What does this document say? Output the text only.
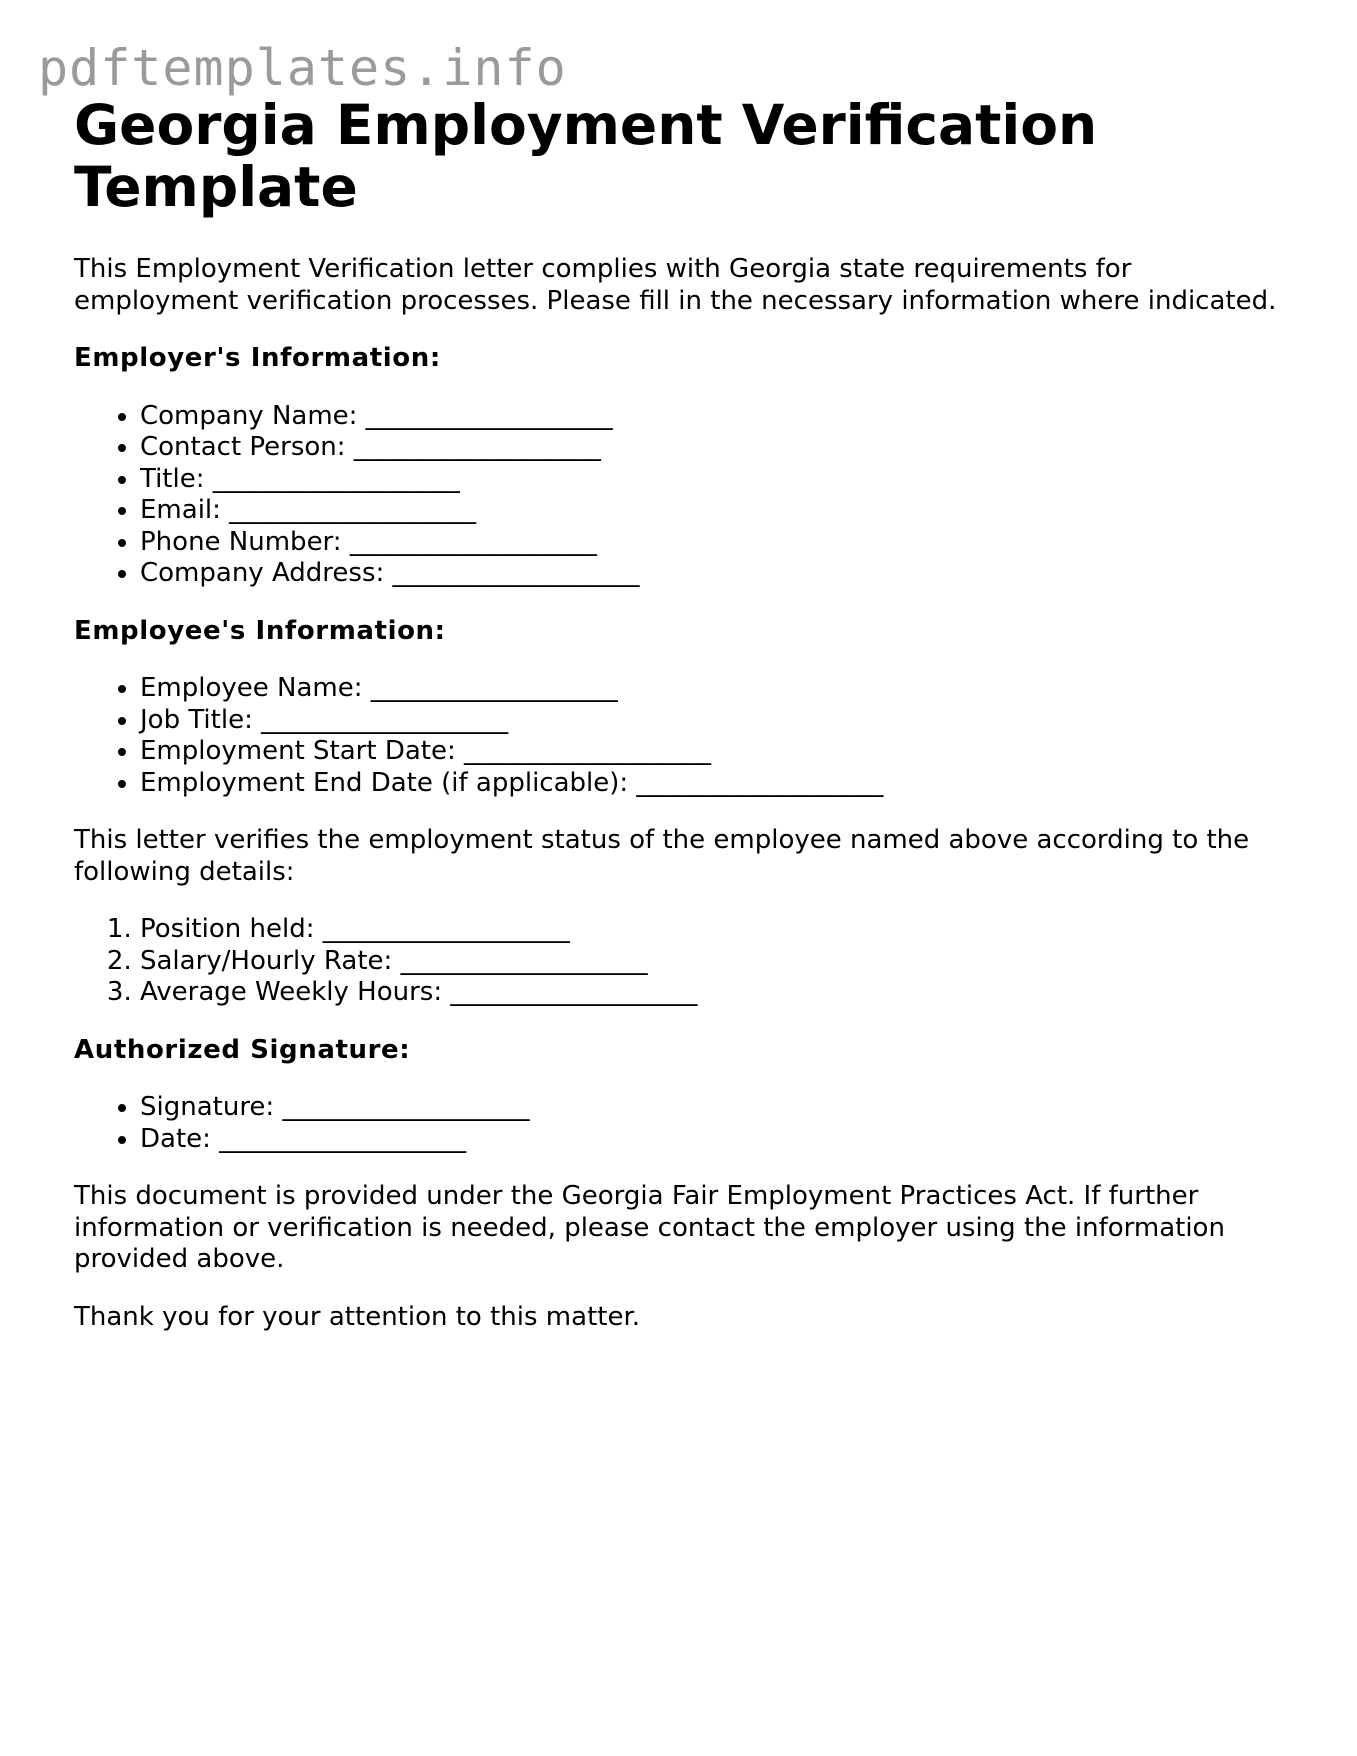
pdftemplates.info
Georgia Employment Verification Template

This Employment Verification letter complies with Georgia state requirements for employment verification processes. Please fill in the necessary information where indicated.

Employer's Information:
• Company Name: ___________________
• Contact Person: ___________________
• Title: ___________________
• Email: ___________________
• Phone Number: ___________________
• Company Address: ___________________
Employee's Information:
• Employee Name: ___________________
• Job Title: ___________________
• Employment Start Date: ___________________
• Employment End Date (if applicable): ___________________

This letter verifies the employment status of the employee named above according to the following details:

1. Position held: ___________________
2. Salary/Hourly Rate: ___________________
3. Average Weekly Hours: ___________________
Authorized Signature:
• Signature: ___________________
• Date: ___________________

This document is provided under the Georgia Fair Employment Practices Act. If further information or verification is needed, please contact the employer using the information provided above.

Thank you for your attention to this matter.
